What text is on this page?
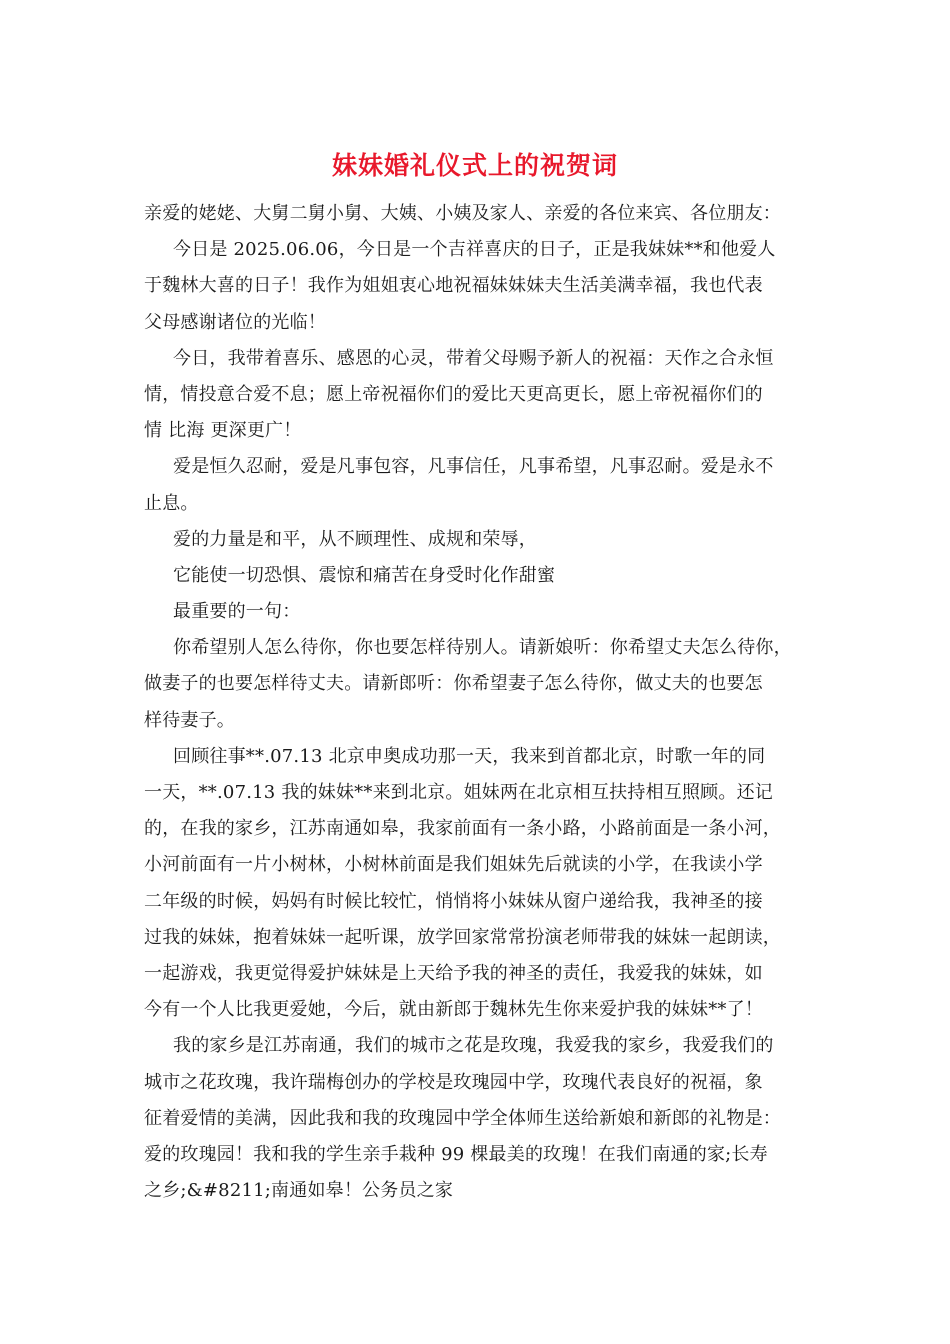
妹妹婚礼仪式上的祝贺词
亲爱的姥姥、大舅二舅小舅、大姨、小姨及家人、亲爱的各位来宾、各位朋友：
今日是 2025.06.06，今日是一个吉祥喜庆的日子，正是我妹妹**和他爱人
于魏林大喜的日子！我作为姐姐衷心地祝福妹妹妹夫生活美满幸福，我也代表
父母感谢诸位的光临！
今日，我带着喜乐、感恩的心灵，带着父母赐予新人的祝福：天作之合永恒
情，情投意合爱不息；愿上帝祝福你们的爱比天更高更长，愿上帝祝福你们的
情 比海 更深更广！
爱是恒久忍耐，爱是凡事包容，凡事信任，凡事希望，凡事忍耐。爱是永不
止息。
爱的力量是和平，从不顾理性、成规和荣辱，
它能使一切恐惧、震惊和痛苦在身受时化作甜蜜
最重要的一句：
你希望别人怎么待你，你也要怎样待别人。请新娘听：你希望丈夫怎么待你，
做妻子的也要怎样待丈夫。请新郎听：你希望妻子怎么待你，做丈夫的也要怎
样待妻子。
回顾往事**.07.13 北京申奥成功那一天，我来到首都北京，时歌一年的同
一天，**.07.13 我的妹妹**来到北京。姐妹两在北京相互扶持相互照顾。还记
的，在我的家乡，江苏南通如皋，我家前面有一条小路，小路前面是一条小河，
小河前面有一片小树林，小树林前面是我们姐妹先后就读的小学，在我读小学
二年级的时候，妈妈有时候比较忙，悄悄将小妹妹从窗户递给我，我神圣的接
过我的妹妹，抱着妹妹一起听课，放学回家常常扮演老师带我的妹妹一起朗读，
一起游戏，我更觉得爱护妹妹是上天给予我的神圣的责任，我爱我的妹妹，如
今有一个人比我更爱她，今后，就由新郎于魏林先生你来爱护我的妹妹**了！
我的家乡是江苏南通，我们的城市之花是玫瑰，我爱我的家乡，我爱我们的
城市之花玫瑰，我许瑞梅创办的学校是玫瑰园中学，玫瑰代表良好的祝福，象
征着爱情的美满，因此我和我的玫瑰园中学全体师生送给新娘和新郎的礼物是：
爱的玫瑰园！我和我的学生亲手栽种 99 棵最美的玫瑰！在我们南通的家;长寿
之乡;&#8211;南通如皋！公务员之家
